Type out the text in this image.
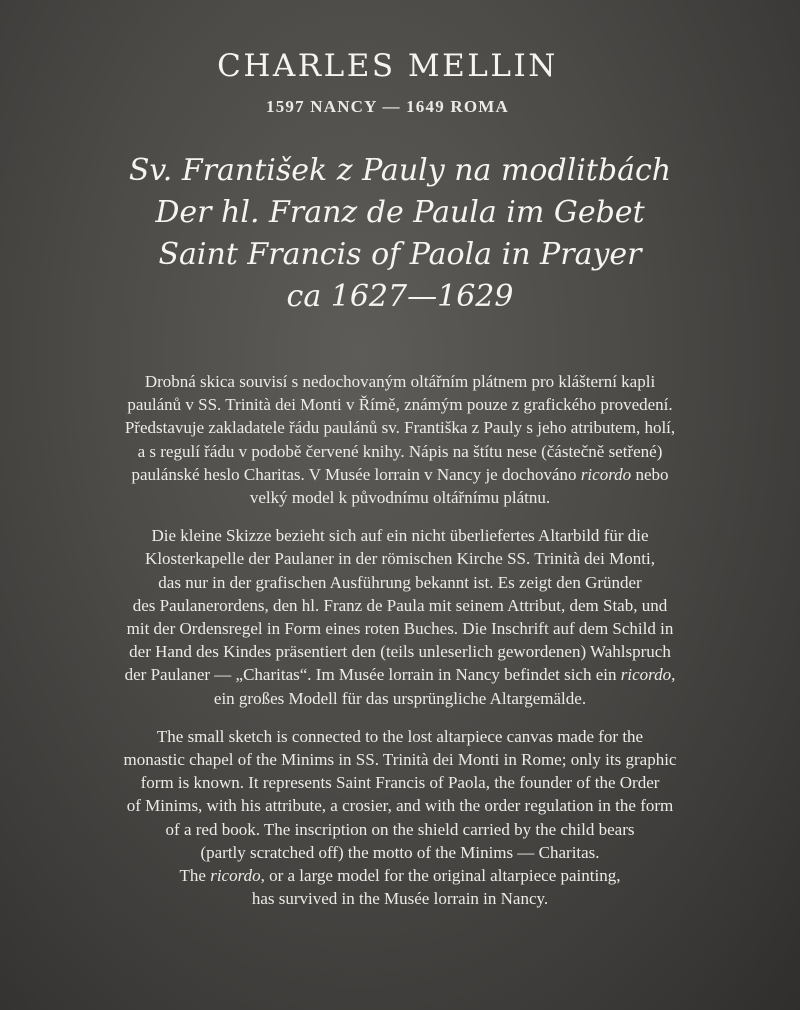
CHARLES MELLIN
1597 NANCY — 1649 ROMA
Sv. František z Pauly na modlitbách
Der hl. Franz de Paula im Gebet
Saint Francis of Paola in Prayer
ca 1627—1629
Drobná skica souvisí s nedochovaným oltářním plátnem pro klášterní kapli
paulánů v SS. Trinità dei Monti v Římě, známým pouze z grafického provedení.
Představuje zakladatele řádu paulánů sv. Františka z Pauly s jeho atributem, holí,
a s regulí řádu v podobě červené knihy. Nápis na štítu nese (částečně setřené)
paulánské heslo Charitas. V Musée lorrain v Nancy je dochováno ricordo nebo
velký model k původnímu oltářnímu plátnu.
Die kleine Skizze bezieht sich auf ein nicht überliefertes Altarbild für die
Klosterkapelle der Paulaner in der römischen Kirche SS. Trinità dei Monti,
das nur in der grafischen Ausführung bekannt ist. Es zeigt den Gründer
des Paulanerordens, den hl. Franz de Paula mit seinem Attribut, dem Stab, und
mit der Ordensregel in Form eines roten Buches. Die Inschrift auf dem Schild in
der Hand des Kindes präsentiert den (teils unleserlich gewordenen) Wahlspruch
der Paulaner — „Charitas“. Im Musée lorrain in Nancy befindet sich ein ricordo,
ein großes Modell für das ursprüngliche Altargemälde.
The small sketch is connected to the lost altarpiece canvas made for the
monastic chapel of the Minims in SS. Trinità dei Monti in Rome; only its graphic
form is known. It represents Saint Francis of Paola, the founder of the Order
of Minims, with his attribute, a crosier, and with the order regulation in the form
of a red book. The inscription on the shield carried by the child bears
(partly scratched off) the motto of the Minims — Charitas.
The ricordo, or a large model for the original altarpiece painting,
has survived in the Musée lorrain in Nancy.
